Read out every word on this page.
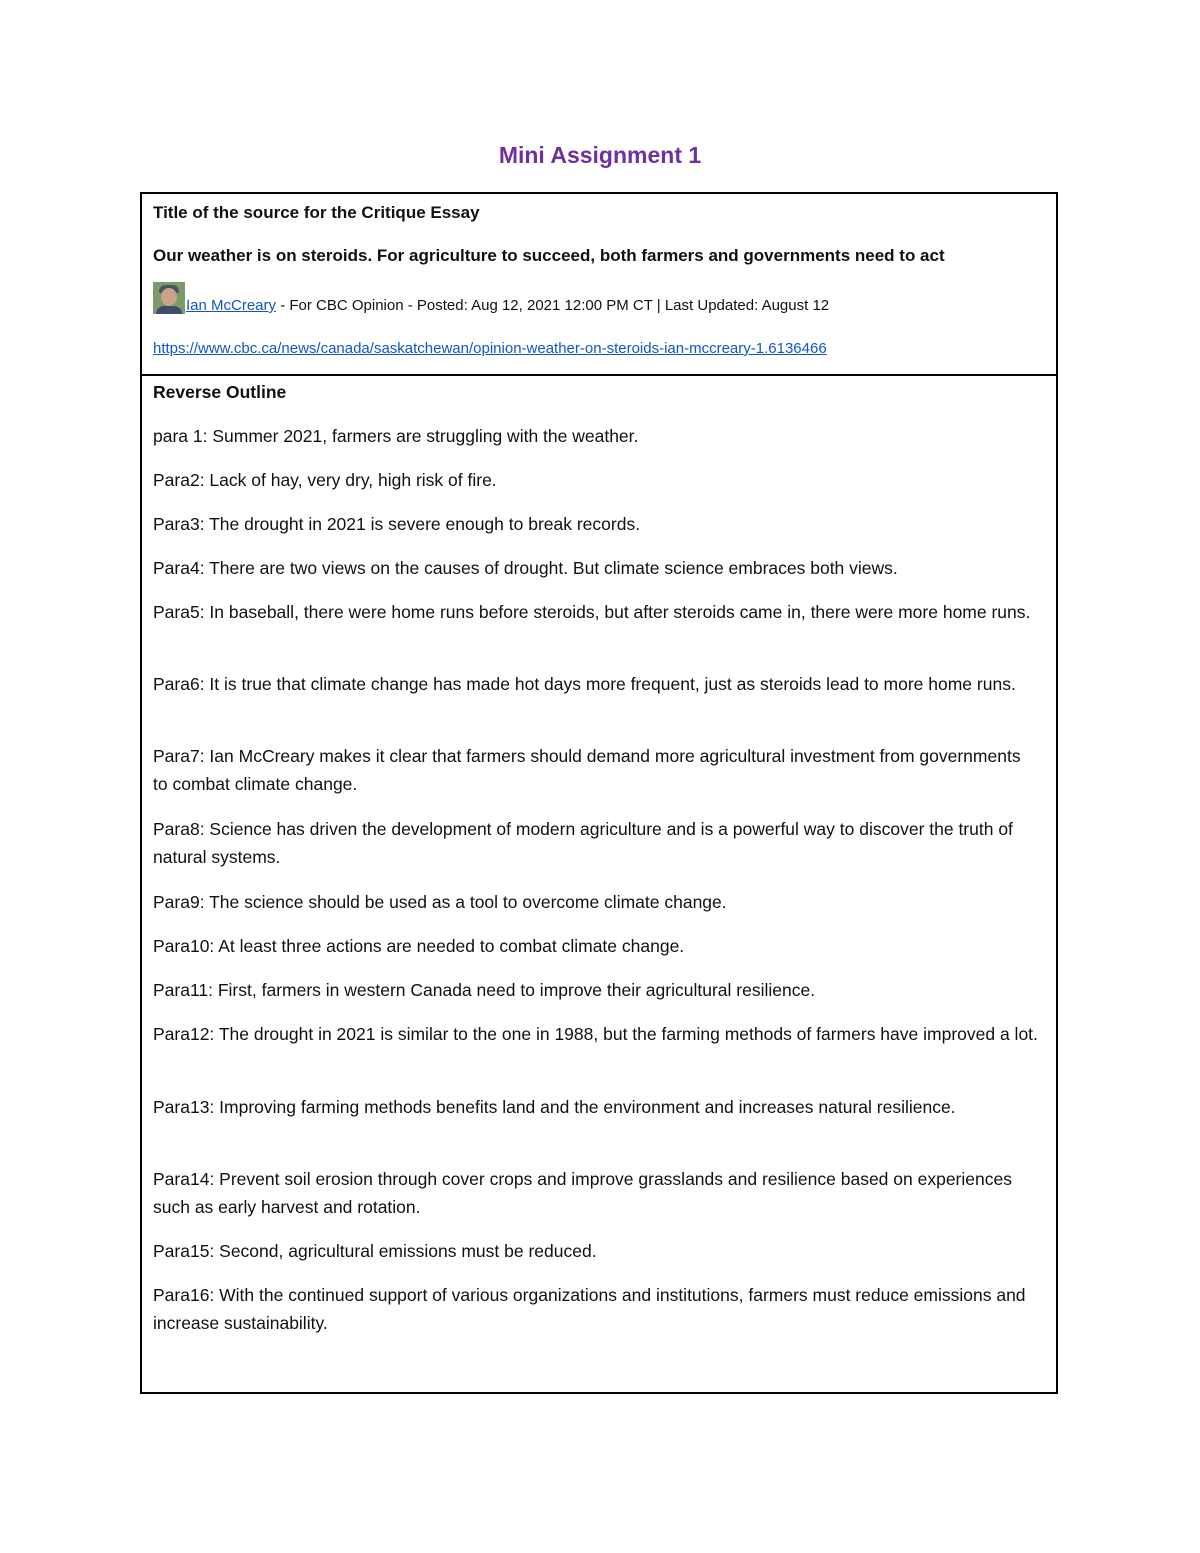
Mini Assignment 1
Title of the source for the Critique Essay
Our weather is on steroids. For agriculture to succeed, both farmers and governments need to act
Ian McCreary - For CBC Opinion - Posted: Aug 12, 2021 12:00 PM CT | Last Updated: August 12
https://www.cbc.ca/news/canada/saskatchewan/opinion-weather-on-steroids-ian-mccreary-1.6136466
Reverse Outline

para 1: Summer 2021, farmers are struggling with the weather.

Para2: Lack of hay, very dry, high risk of fire.

Para3: The drought in 2021 is severe enough to break records.

Para4: There are two views on the causes of drought. But climate science embraces both views.

Para5: In baseball, there were home runs before steroids, but after steroids came in, there were more home runs.

Para6: It is true that climate change has made hot days more frequent, just as steroids lead to more home runs.

Para7: Ian McCreary makes it clear that farmers should demand more agricultural investment from governments to combat climate change.

Para8: Science has driven the development of modern agriculture and is a powerful way to discover the truth of natural systems.

Para9: The science should be used as a tool to overcome climate change.

Para10: At least three actions are needed to combat climate change.

Para11: First, farmers in western Canada need to improve their agricultural resilience.

Para12: The drought in 2021 is similar to the one in 1988, but the farming methods of farmers have improved a lot.

Para13: Improving farming methods benefits land and the environment and increases natural resilience.

Para14: Prevent soil erosion through cover crops and improve grasslands and resilience based on experiences such as early harvest and rotation.

Para15: Second, agricultural emissions must be reduced.

Para16: With the continued support of various organizations and institutions, farmers must reduce emissions and increase sustainability.
